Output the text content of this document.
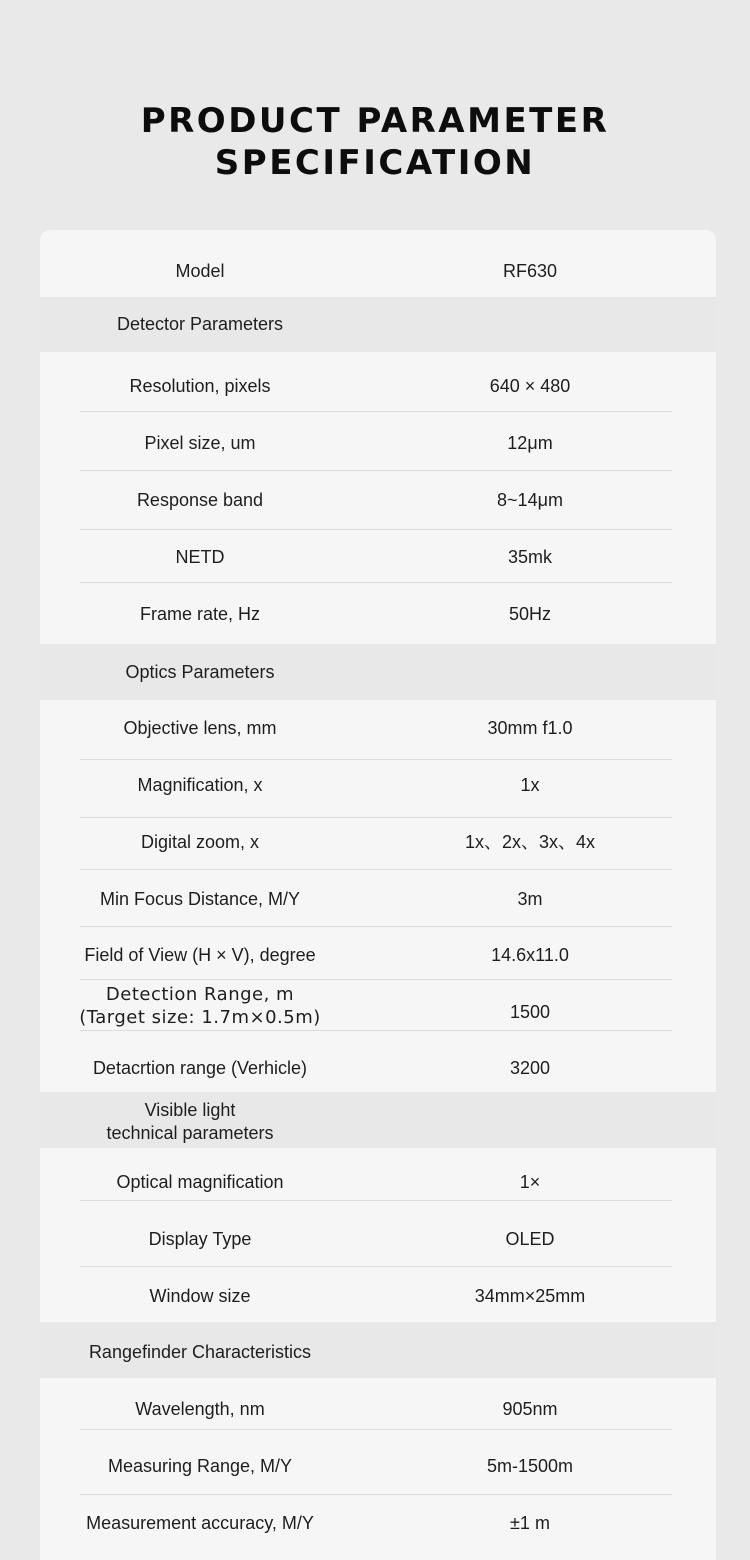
PRODUCT PARAMETER
SPECIFICATION
Model	RF630
Detector Parameters
Resolution, pixels	640 × 480
Pixel size, um	12μm
Response band	8~14μm
NETD	35mk
Frame rate, Hz	50Hz
Optics Parameters
Objective lens, mm	30mm f1.0
Magnification, x	1x
Digital zoom, x	1x、2x、3x、4x
Min Focus Distance, M/Y	3m
Field of View (H × V), degree	14.6x11.0
Detection Range, m
(Target size: 1.7m×0.5m)	1500
Detacrtion range (Verhicle)	3200
Visible light
technical parameters
Optical magnification	1×
Display Type	OLED
Window size	34mm×25mm
Rangefinder Characteristics
Wavelength, nm	905nm
Measuring Range, M/Y	5m-1500m
Measurement accuracy, M/Y	±1 m
